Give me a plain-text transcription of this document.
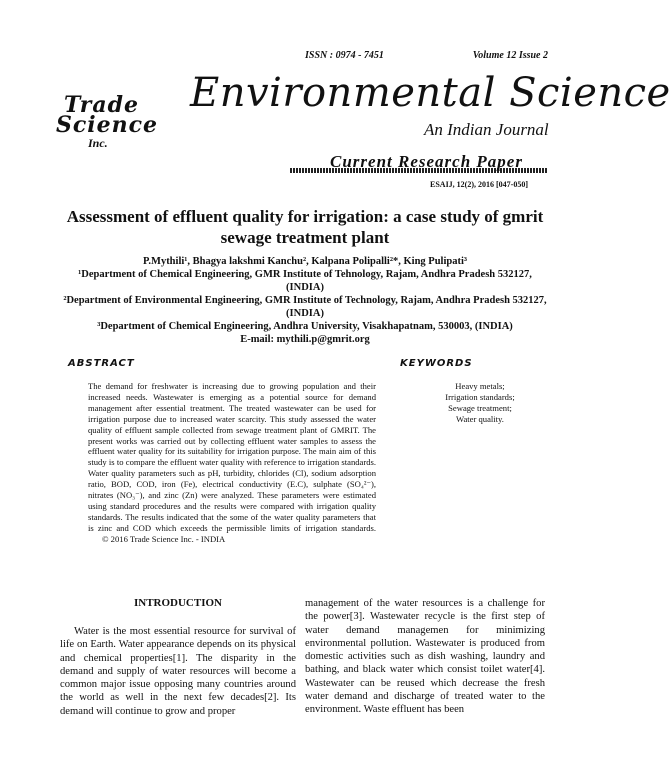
ISSN : 0974 - 7451	Volume 12 Issue 2
Trade
Science
Inc.
Environmental Science
An Indian Journal
Current Research Paper
ESAIJ, 12(2), 2016 [047-050]
Assessment of effluent quality for irrigation: a case study of gmrit sewage treatment plant
P.Mythili¹, Bhagya lakshmi Kanchu², Kalpana Polipalli²*, King Pulipati³
¹Department of Chemical Engineering, GMR Institute of Tehnology, Rajam, Andhra Pradesh 532127, (INDIA)
²Department of Environmental Engineering, GMR Institute of Technology, Rajam, Andhra Pradesh 532127, (INDIA)
³Department of Chemical Engineering, Andhra University, Visakhapatnam, 530003, (INDIA)
E-mail: mythili.p@gmrit.org
ABSTRACT	KEYWORDS
The demand for freshwater is increasing due to growing population and their increased needs. Wastewater is emerging as a potential source for demand management after essential treatment. The treated wastewater can be used for irrigation purpose due to increased water scarcity. This study assessed the water quality of effluent sample collected from sewage treatment plant of GMRIT. The present works was carried out by collecting effluent water samples to assess the effluent water quality for its suitability for irrigation purpose. The main aim of this study is to compare the effluent water quality with reference to irrigation standards. Water quality parameters such as pH, turbidity, chlorides (Cl), sodium adsorption ratio, BOD, COD, iron (Fe), electrical conductivity (E.C), sulphate (SO₄²⁻), nitrates (NO₃⁻), and zinc (Zn) were analyzed. These parameters were estimated using standard procedures and the results were compared with irrigation quality standards. The results indicated that the some of the water quality parameters that is zinc and COD which exceeds the permissible limits of irrigation standards. © 2016 Trade Science Inc. - INDIA
Heavy metals;
Irrigation standards;
Sewage treatment;
Water quality.
INTRODUCTION

Water is the most essential resource for survival of life on Earth. Water appearance depends on its physical and chemical properties[1]. The disparity in the demand and supply of water resources will become a common major issue opposing many countries around the world as well in the next few decades[2]. Its demand will continue to grow and proper

management of the water resources is a challenge for the power[3]. Wastewater recycle is the first step of water demand managemen for minimizing environmental pollution. Wastewater is produced from domestic activities such as dish washing, laundry and bathing, and black water which consist toilet water[4]. Wastewater can be reused which decrease the fresh water demand and discharge of treated water to the environment. Waste effluent has been
